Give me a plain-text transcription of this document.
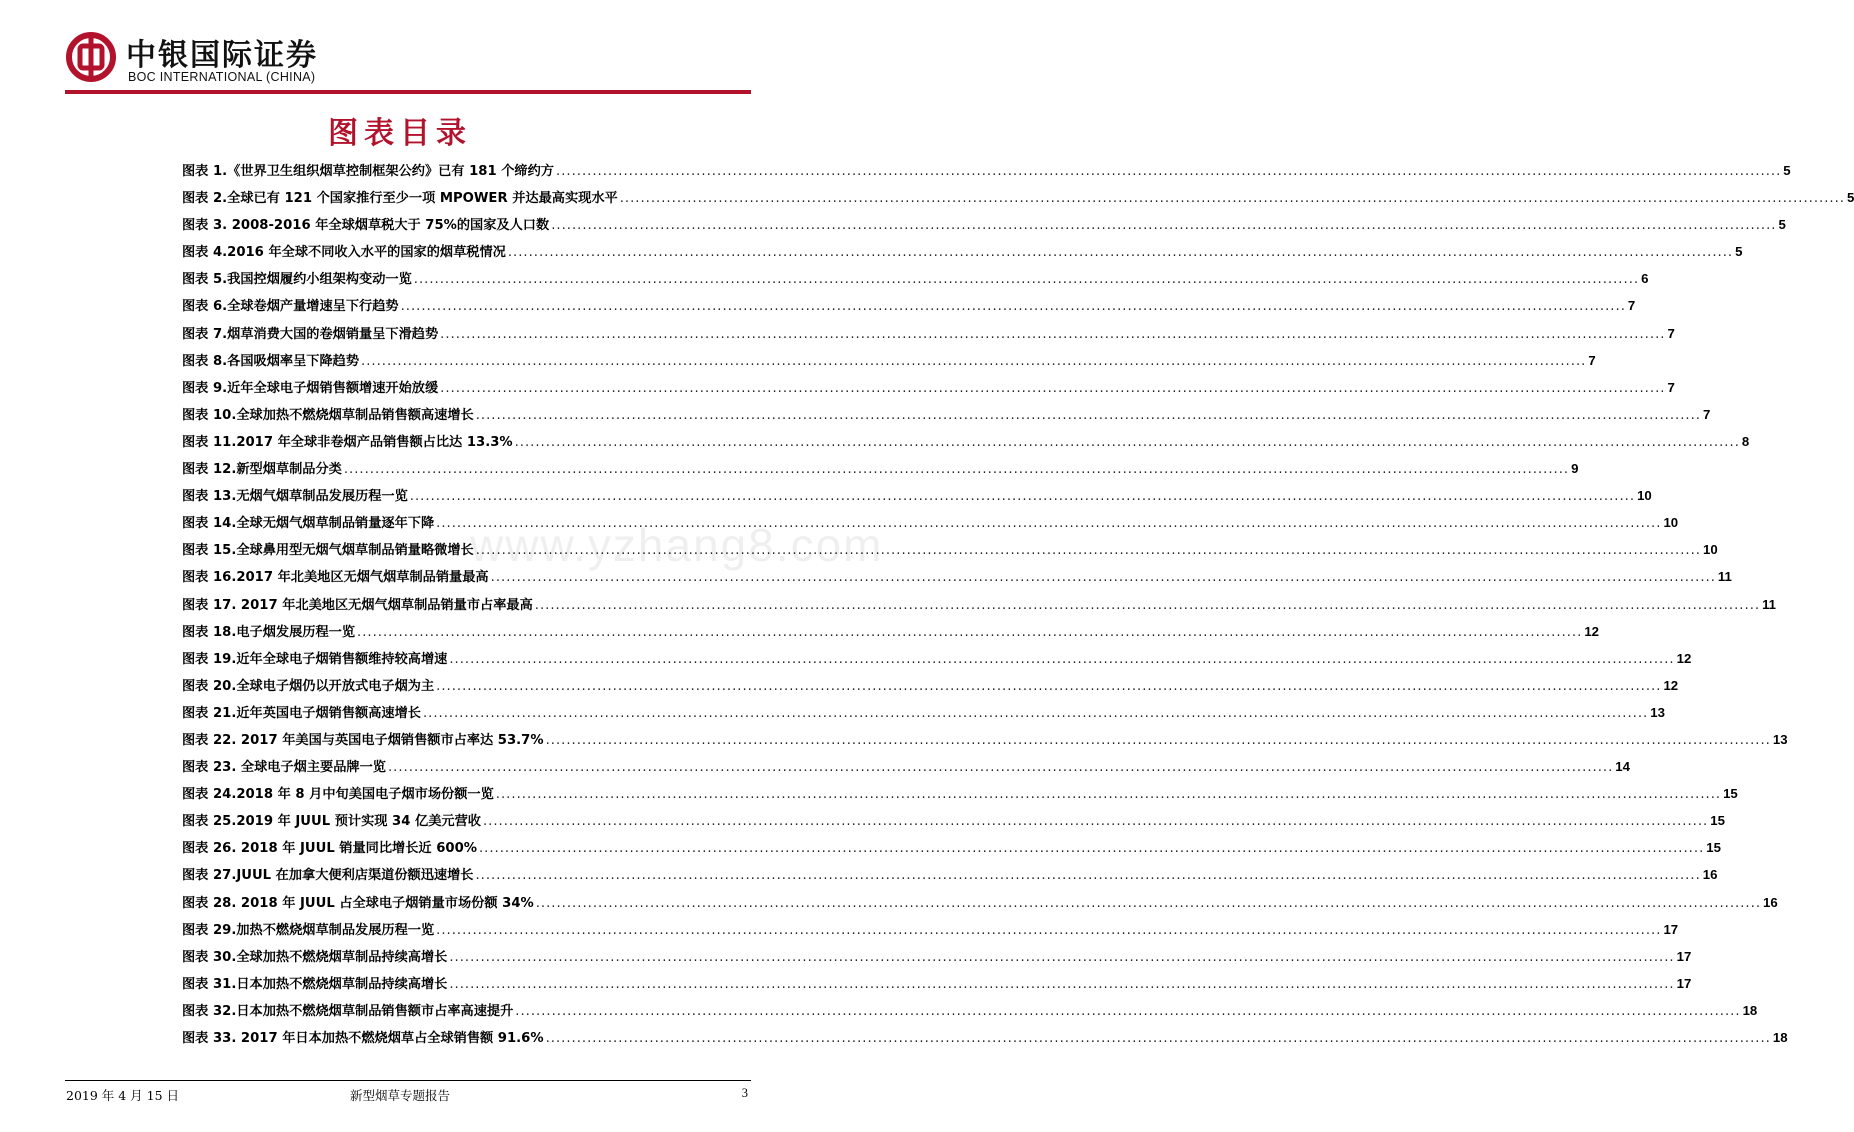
中银国际证券
BOC INTERNATIONAL (CHINA)
图表目录
www.yzhang8.com
图表 1.《世界卫生组织烟草控制框架公约》已有 181 个缔约方 .....	5
图表 2.全球已有 121 个国家推行至少一项 MPOWER 并达最高实现水平 .....	5
图表 3. 2008-2016 年全球烟草税大于 75%的国家及人口数 .....	5
图表 4.2016 年全球不同收入水平的国家的烟草税情况 .....	5
图表 5.我国控烟履约小组架构变动一览 .....	6
图表 6.全球卷烟产量增速呈下行趋势 .....	7
图表 7.烟草消费大国的卷烟销量呈下滑趋势 .....	7
图表 8.各国吸烟率呈下降趋势 .....	7
图表 9.近年全球电子烟销售额增速开始放缓 .....	7
图表 10.全球加热不燃烧烟草制品销售额高速增长 .....	7
图表 11.2017 年全球非卷烟产品销售额占比达 13.3% .....	8
图表 12.新型烟草制品分类 .....	9
图表 13.无烟气烟草制品发展历程一览 .....	10
图表 14.全球无烟气烟草制品销量逐年下降 .....	10
图表 15.全球鼻用型无烟气烟草制品销量略微增长 .....	10
图表 16.2017 年北美地区无烟气烟草制品销量最高 .....	11
图表 17. 2017 年北美地区无烟气烟草制品销量市占率最高 .....	11
图表 18.电子烟发展历程一览 .....	12
图表 19.近年全球电子烟销售额维持较高增速 .....	12
图表 20.全球电子烟仍以开放式电子烟为主 .....	12
图表 21.近年英国电子烟销售额高速增长 .....	13
图表 22. 2017 年美国与英国电子烟销售额市占率达 53.7% .....	13
图表 23. 全球电子烟主要品牌一览 .....	14
图表 24.2018 年 8 月中旬美国电子烟市场份额一览 .....	15
图表 25.2019 年 JUUL 预计实现 34 亿美元营收 .....	15
图表 26. 2018 年 JUUL 销量同比增长近 600% .....	15
图表 27.JUUL 在加拿大便利店渠道份额迅速增长 .....	16
图表 28. 2018 年 JUUL 占全球电子烟销量市场份额 34% .....	16
图表 29.加热不燃烧烟草制品发展历程一览 .....	17
图表 30.全球加热不燃烧烟草制品持续高增长 .....	17
图表 31.日本加热不燃烧烟草制品持续高增长 .....	17
图表 32.日本加热不燃烧烟草制品销售额市占率高速提升 .....	18
图表 33. 2017 年日本加热不燃烧烟草占全球销售额 91.6% .....	18
2019 年 4 月 15 日	新型烟草专题报告	3
